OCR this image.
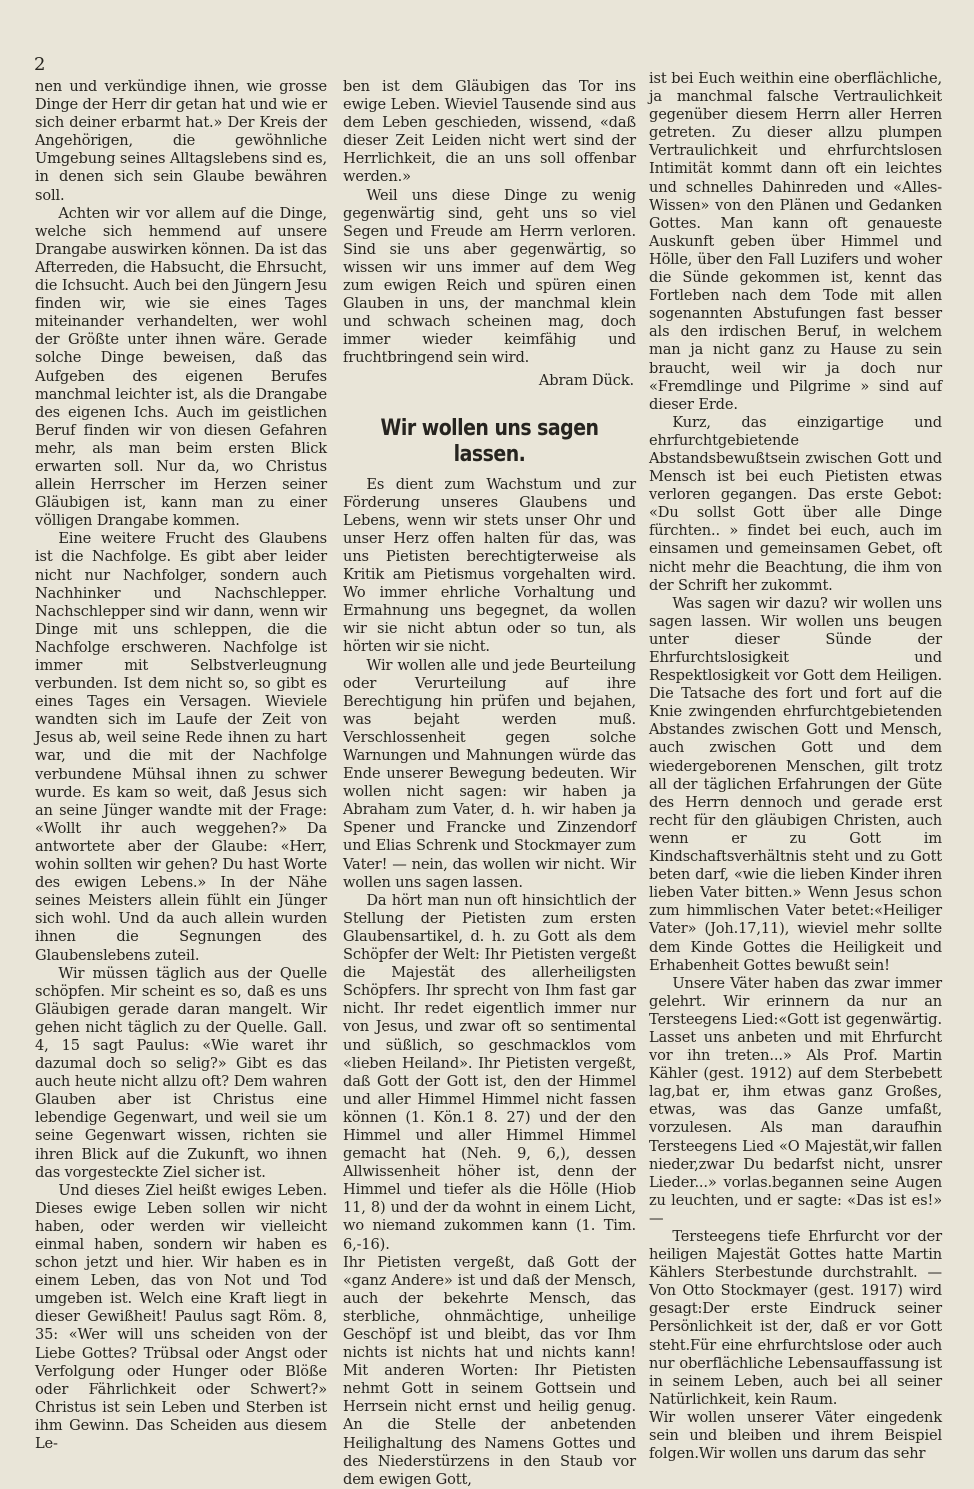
2

nen und verkündige ihnen, wie grosse Dinge der Herr dir getan hat und wie er sich deiner erbarmt hat.» Der Kreis der Angehörigen, die gewöhnliche Umgebung seines Alltagslebens sind es, in denen sich sein Glaube bewähren soll.

Achten wir vor allem auf die Dinge, welche sich hemmend auf unsere Drangabe auswirken können. Da ist das Afterreden, die Habsucht, die Ehrsucht, die Ichsucht. Auch bei den Jüngern Jesu finden wir, wie sie eines Tages miteinander verhandelten, wer wohl der Größte unter ihnen wäre. Gerade solche Dinge beweisen, daß das Aufgeben des eigenen Berufes manchmal leichter ist, als die Drangabe des eigenen Ichs. Auch im geistlichen Beruf finden wir von diesen Gefahren mehr, als man beim ersten Blick erwarten soll. Nur da, wo Christus allein Herrscher im Herzen seiner Gläubigen ist, kann man zu einer völligen Drangabe kommen.

Eine weitere Frucht des Glaubens ist die Nachfolge. Es gibt aber leider nicht nur Nachfolger, sondern auch Nachhinker und Nachschlepper. Nachschlepper sind wir dann, wenn wir Dinge mit uns schleppen, die die Nachfolge erschweren. Nachfolge ist immer mit Selbstverleugnung verbunden. Ist dem nicht so, so gibt es eines Tages ein Versagen. Wieviele wandten sich im Laufe der Zeit von Jesus ab, weil seine Rede ihnen zu hart war, und die mit der Nachfolge verbundene Mühsal ihnen zu schwer wurde. Es kam so weit, daß Jesus sich an seine Jünger wandte mit der Frage: «Wollt ihr auch weggehen?» Da antwortete aber der Glaube: «Herr, wohin sollten wir gehen? Du hast Worte des ewigen Lebens.» In der Nähe seines Meisters allein fühlt ein Jünger sich wohl. Und da auch allein wurden ihnen die Segnungen des Glaubenslebens zuteil.

Wir müssen täglich aus der Quelle schöpfen. Mir scheint es so, daß es uns Gläubigen gerade daran mangelt. Wir gehen nicht täglich zu der Quelle. Gall. 4, 15 sagt Paulus: «Wie waret ihr dazumal doch so selig?» Gibt es das auch heute nicht allzu oft? Dem wahren Glauben aber ist Christus eine lebendige Gegenwart, und weil sie um seine Gegenwart wissen, richten sie ihren Blick auf die Zukunft, wo ihnen das vorgesteckte Ziel sicher ist.

Und dieses Ziel heißt ewiges Leben. Dieses ewige Leben sollen wir nicht haben, oder werden wir vielleicht einmal haben, sondern wir haben es schon jetzt und hier. Wir haben es in einem Leben, das von Not und Tod umgeben ist. Welch eine Kraft liegt in dieser Gewißheit! Paulus sagt Röm. 8, 35: «Wer will uns scheiden von der Liebe Gottes? Trübsal oder Angst oder Verfolgung oder Hunger oder Blöße oder Fährlichkeit oder Schwert?» Christus ist sein Leben und Sterben ist ihm Gewinn. Das Scheiden aus diesem Le-

ben ist dem Gläubigen das Tor ins ewige Leben. Wieviel Tausende sind aus dem Leben geschieden, wissend, «daß dieser Zeit Leiden nicht wert sind der Herrlichkeit, die an uns soll offenbar werden.»

Weil uns diese Dinge zu wenig gegenwärtig sind, geht uns so viel Segen und Freude am Herrn verloren. Sind sie uns aber gegenwärtig, so wissen wir uns immer auf dem Weg zum ewigen Reich und spüren einen Glauben in uns, der manchmal klein und schwach scheinen mag, doch immer wieder keimfähig und fruchtbringend sein wird.

Abram Dück.
Wir wollen uns sagen lassen.

Es dient zum Wachstum und zur Förderung unseres Glaubens und Lebens, wenn wir stets unser Ohr und unser Herz offen halten für das, was uns Pietisten berechtigterweise als Kritik am Pietismus vorgehalten wird. Wo immer ehrliche Vorhaltung und Ermahnung uns begegnet, da wollen wir sie nicht abtun oder so tun, als hörten wir sie nicht.

Wir wollen alle und jede Beurteilung oder Verurteilung auf ihre Berechtigung hin prüfen und bejahen, was bejaht werden muß. Verschlossenheit gegen solche Warnungen und Mahnungen würde das Ende unserer Bewegung bedeuten. Wir wollen nicht sagen: wir haben ja Abraham zum Vater, d. h. wir haben ja Spener und Francke und Zinzendorf und Elias Schrenk und Stockmayer zum Vater! — nein, das wollen wir nicht. Wir wollen uns sagen lassen.

Da hört man nun oft hinsichtlich der Stellung der Pietisten zum ersten Glaubensartikel, d. h. zu Gott als dem Schöpfer der Welt: Ihr Pietisten vergeßt die Majestät des allerheiligsten Schöpfers. Ihr sprecht von Ihm fast gar nicht. Ihr redet eigentlich immer nur von Jesus, und zwar oft so sentimental und süßlich, so geschmacklos vom «lieben Heiland». Ihr Pietisten vergeßt, daß Gott der Gott ist, den der Himmel und aller Himmel Himmel nicht fassen können (1. Kön.1 8. 27) und der den Himmel und aller Himmel Himmel gemacht hat (Neh. 9, 6,), dessen Allwissenheit höher ist, denn der Himmel und tiefer als die Hölle (Hiob 11, 8) und der da wohnt in einem Licht, wo niemand zukommen kann (1. Tim. 6,-16).

Ihr Pietisten vergeßt, daß Gott der «ganz Andere» ist und daß der Mensch, auch der bekehrte Mensch, das sterbliche, ohnmächtige, unheilige Geschöpf ist und bleibt, das vor Ihm nichts ist nichts hat und nichts kann! Mit anderen Worten: Ihr Pietisten nehmt Gott in seinem Gottsein und Herrsein nicht ernst und heilig genug. An die Stelle der anbetenden Heilighaltung des Namens Gottes und des Niederstürzens in den Staub vor dem ewigen Gott,

ist bei Euch weithin eine oberflächliche, ja manchmal falsche Vertraulichkeit gegenüber diesem Herrn aller Herren getreten. Zu dieser allzu plumpen Vertraulichkeit und ehrfurchtslosen Intimität kommt dann oft ein leichtes und schnelles Dahinreden und «Alles-Wissen» von den Plänen und Gedanken Gottes. Man kann oft genaueste Auskunft geben über Himmel und Hölle, über den Fall Luzifers und woher die Sünde gekommen ist, kennt das Fortleben nach dem Tode mit allen sogenannten Abstufungen fast besser als den irdischen Beruf, in welchem man ja nicht ganz zu Hause zu sein braucht, weil wir ja doch nur «Fremdlinge und Pilgrime » sind auf dieser Erde.

Kurz, das einzigartige und ehrfurchtgebietende Abstandsbewußtsein zwischen Gott und Mensch ist bei euch Pietisten etwas verloren gegangen. Das erste Gebot: «Du sollst Gott über alle Dinge fürchten.. » findet bei euch, auch im einsamen und gemeinsamen Gebet, oft nicht mehr die Beachtung, die ihm von der Schrift her zukommt.

Was sagen wir dazu? wir wollen uns sagen lassen. Wir wollen uns beugen unter dieser Sünde der Ehrfurchtslosigkeit und Respektlosigkeit vor Gott dem Heiligen. Die Tatsache des fort und fort auf die Knie zwingenden ehrfurchtgebietenden Abstandes zwischen Gott und Mensch, auch zwischen Gott und dem wiedergeborenen Menschen, gilt trotz all der täglichen Erfahrungen der Güte des Herrn dennoch und gerade erst recht für den gläubigen Christen, auch wenn er zu Gott im Kindschaftsverhältnis steht und zu Gott beten darf, «wie die lieben Kinder ihren lieben Vater bitten.» Wenn Jesus schon zum himmlischen Vater betet:«Heiliger Vater» (Joh.17,11), wieviel mehr sollte dem Kinde Gottes die Heiligkeit und Erhabenheit Gottes bewußt sein!

Unsere Väter haben das zwar immer gelehrt. Wir erinnern da nur an Tersteegens Lied:«Gott ist gegenwärtig. Lasset uns anbeten und mit Ehrfurcht vor ihn treten...» Als Prof. Martin Kähler (gest. 1912) auf dem Sterbebett lag,bat er, ihm etwas ganz Großes, etwas, was das Ganze umfaßt, vorzulesen. Als man daraufhin Tersteegens Lied «O Majestät,wir fallen nieder,zwar Du bedarfst nicht, unsrer Lieder...» vorlas.begannen seine Augen zu leuchten, und er sagte: «Das ist es!» —

Tersteegens tiefe Ehrfurcht vor der heiligen Majestät Gottes hatte Martin Kählers Sterbestunde durchstrahlt. —Von Otto Stockmayer (gest. 1917) wird gesagt:Der erste Eindruck seiner Persönlichkeit ist der, daß er vor Gott steht.Für eine ehrfurchtslose oder auch nur oberflächliche Lebensauffassung ist in seinem Leben, auch bei all seiner Natürlichkeit, kein Raum.

Wir wollen unserer Väter eingedenk sein und bleiben und ihrem Beispiel folgen.Wir wollen uns darum das sehr
